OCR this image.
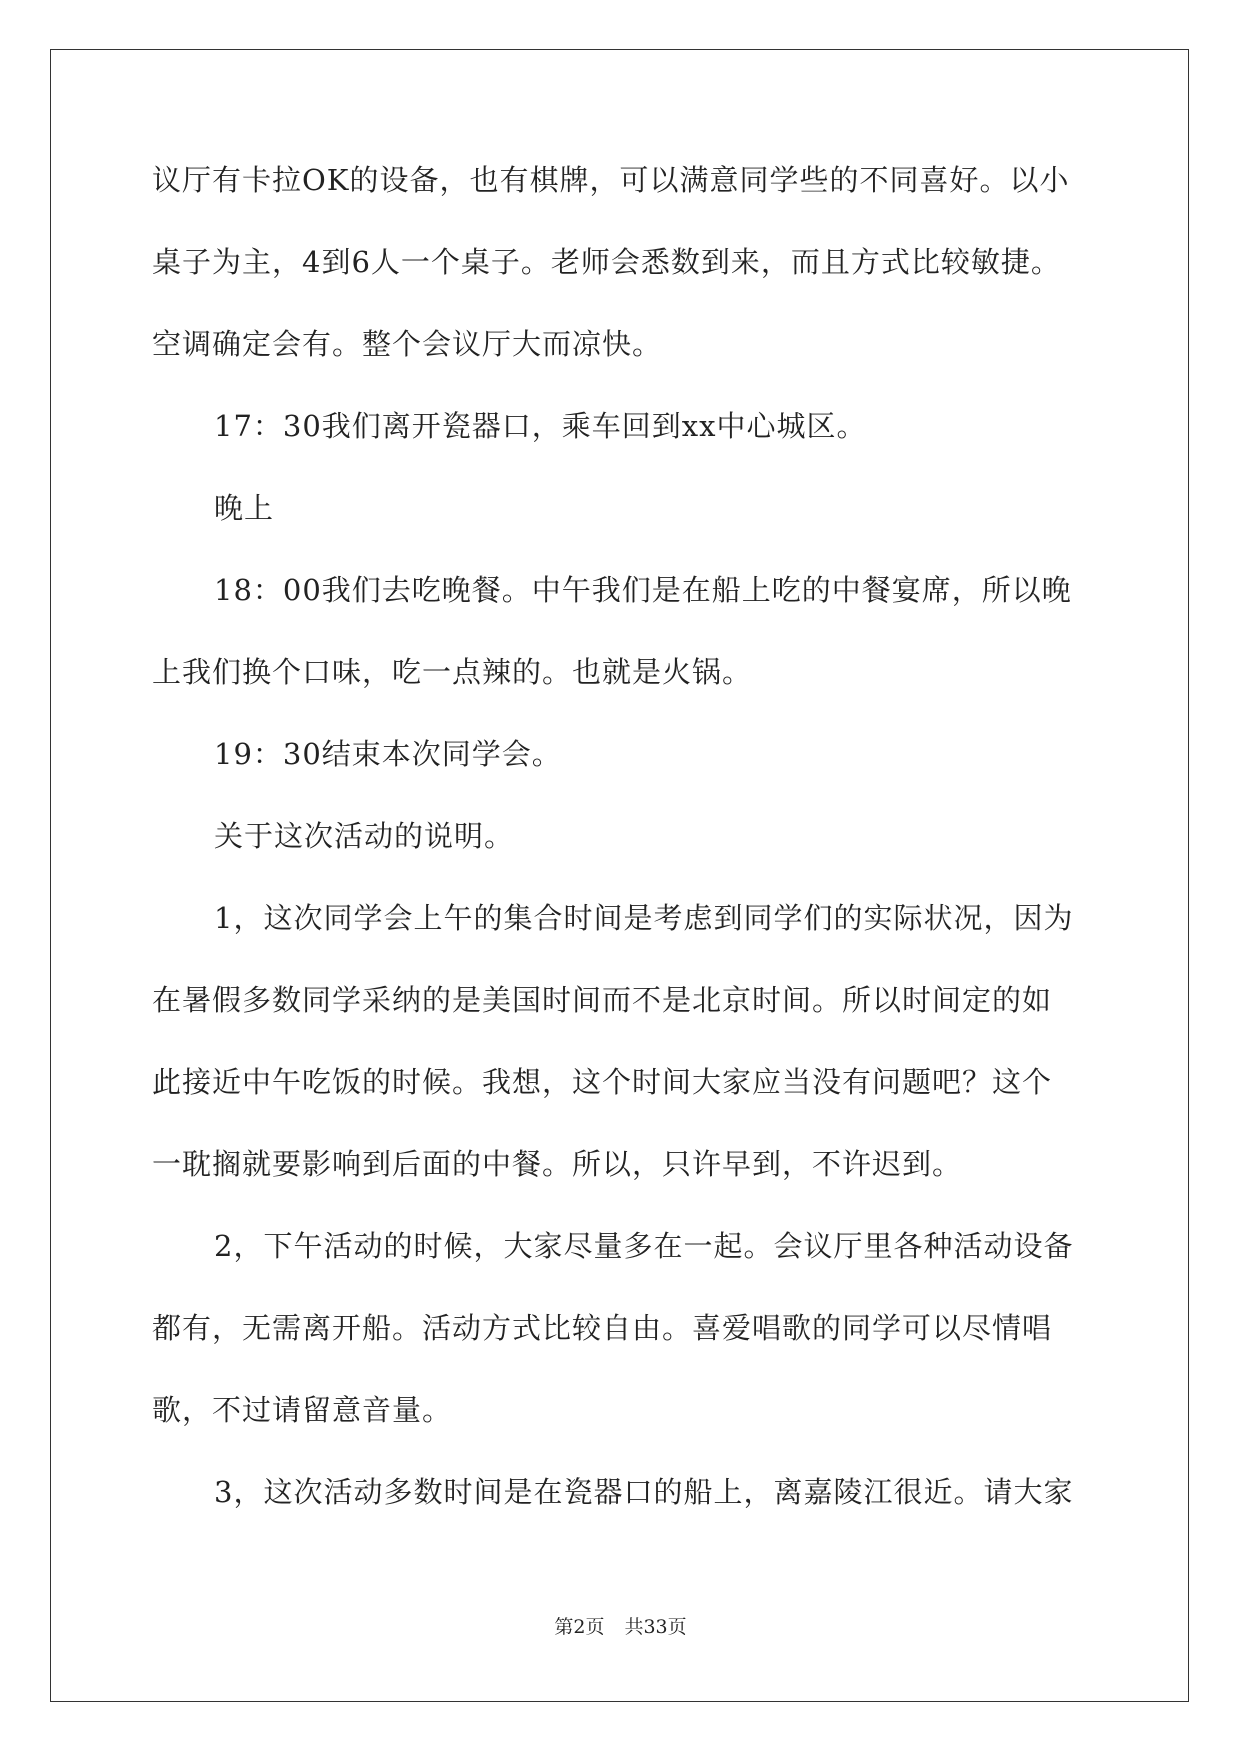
议厅有卡拉OK的设备，也有棋牌，可以满意同学些的不同喜好。以小
桌子为主，4到6人一个桌子。老师会悉数到来，而且方式比较敏捷。
空调确定会有。整个会议厅大而凉快。
17：30我们离开瓷器口，乘车回到xx中心城区。
晚上
18：00我们去吃晚餐。中午我们是在船上吃的中餐宴席，所以晚
上我们换个口味，吃一点辣的。也就是火锅。
19：30结束本次同学会。
关于这次活动的说明。
1，这次同学会上午的集合时间是考虑到同学们的实际状况，因为
在暑假多数同学采纳的是美国时间而不是北京时间。所以时间定的如
此接近中午吃饭的时候。我想，这个时间大家应当没有问题吧？这个
一耽搁就要影响到后面的中餐。所以，只许早到，不许迟到。
2，下午活动的时候，大家尽量多在一起。会议厅里各种活动设备
都有，无需离开船。活动方式比较自由。喜爱唱歌的同学可以尽情唱
歌，不过请留意音量。
3，这次活动多数时间是在瓷器口的船上，离嘉陵江很近。请大家
第2页 共33页
